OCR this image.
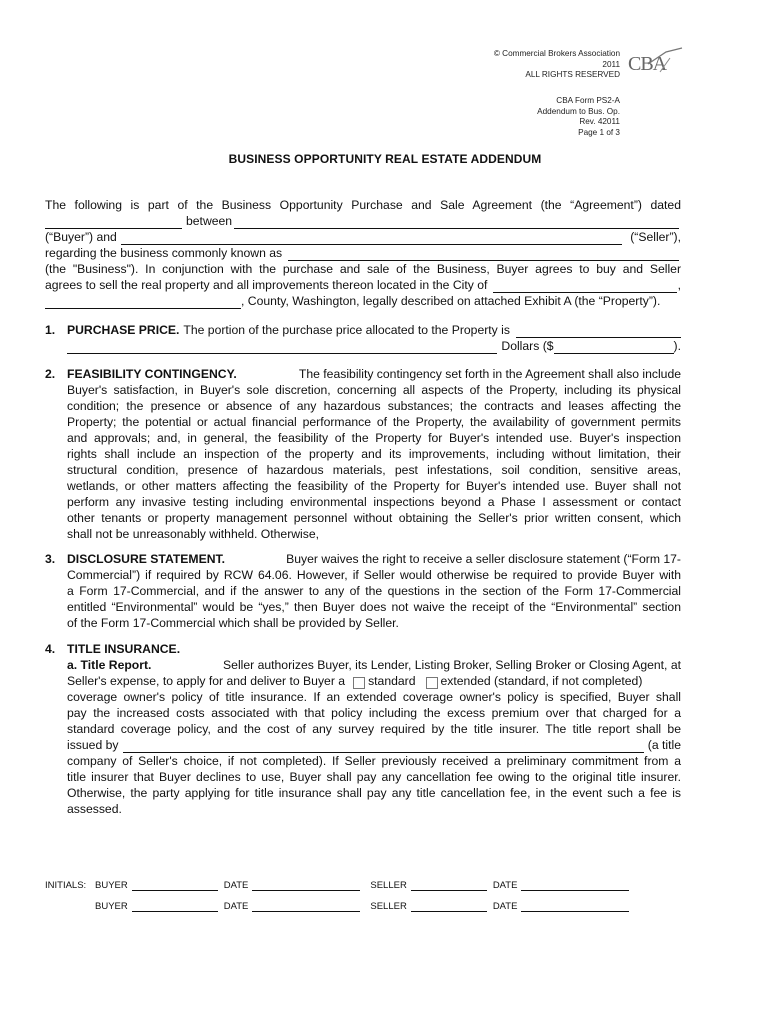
© Commercial Brokers Association
2011
ALL RIGHTS RESERVED
CBA Form PS2-A
Addendum to Bus. Op.
Rev. 42011
Page 1 of 3
CBA
BUSINESS OPPORTUNITY REAL ESTATE ADDENDUM
The following is part of the Business Opportunity Purchase and Sale Agreement (the “Agreement”) dated
between
(“Buyer”) and	(“Seller”),
regarding the business commonly known as
(the "Business"). In conjunction with the purchase and sale of the Business, Buyer agrees to buy and Seller
agrees to sell the real property and all improvements thereon located in the City of	,
, County, Washington, legally described on attached Exhibit A (the “Property”).
1. PURCHASE PRICE. The portion of the purchase price allocated to the Property is
Dollars ($	).
2. FEASIBILITY CONTINGENCY.	The feasibility contingency set forth in the Agreement shall also include
Buyer's satisfaction, in Buyer's sole discretion, concerning all aspects of the Property, including its physical
condition; the presence or absence of any hazardous substances; the contracts and leases affecting the
Property; the potential or actual financial performance of the Property, the availability of government permits
and approvals; and, in general, the feasibility of the Property for Buyer's intended use. Buyer's inspection
rights shall include an inspection of the property and its improvements, including without limitation, their
structural condition, presence of hazardous materials, pest infestations, soil condition, sensitive areas,
wetlands, or other matters affecting the feasibility of the Property for Buyer's intended use. Buyer shall not
perform any invasive testing including environmental inspections beyond a Phase I assessment or contact
other tenants or property management personnel without obtaining the Seller's prior written consent, which
shall not be unreasonably withheld. Otherwise,
3. DISCLOSURE STATEMENT.	Buyer waives the right to receive a seller disclosure statement (“Form 17-
Commercial”) if required by RCW 64.06. However, if Seller would otherwise be required to provide Buyer with
a Form 17-Commercial, and if the answer to any of the questions in the section of the Form 17-Commercial
entitled “Environmental” would be “yes,” then Buyer does not waive the receipt of the “Environmental” section
of the Form 17-Commercial which shall be provided by Seller.
4. TITLE INSURANCE.
a. Title Report.	Seller authorizes Buyer, its Lender, Listing Broker, Selling Broker or Closing Agent, at
Seller's expense, to apply for and deliver to Buyer a standard extended (standard, if not completed)
coverage owner's policy of title insurance. If an extended coverage owner's policy is specified, Buyer shall
pay the increased costs associated with that policy including the excess premium over that charged for a
standard coverage policy, and the cost of any survey required by the title insurer. The title report shall be
issued by	(a title
company of Seller's choice, if not completed). If Seller previously received a preliminary commitment from a
title insurer that Buyer declines to use, Buyer shall pay any cancellation fee owing to the original title insurer.
Otherwise, the party applying for title insurance shall pay any title cancellation fee, in the event such a fee is
assessed.
INITIALS: BUYER	DATE	SELLER	DATE
BUYER	DATE	SELLER	DATE
